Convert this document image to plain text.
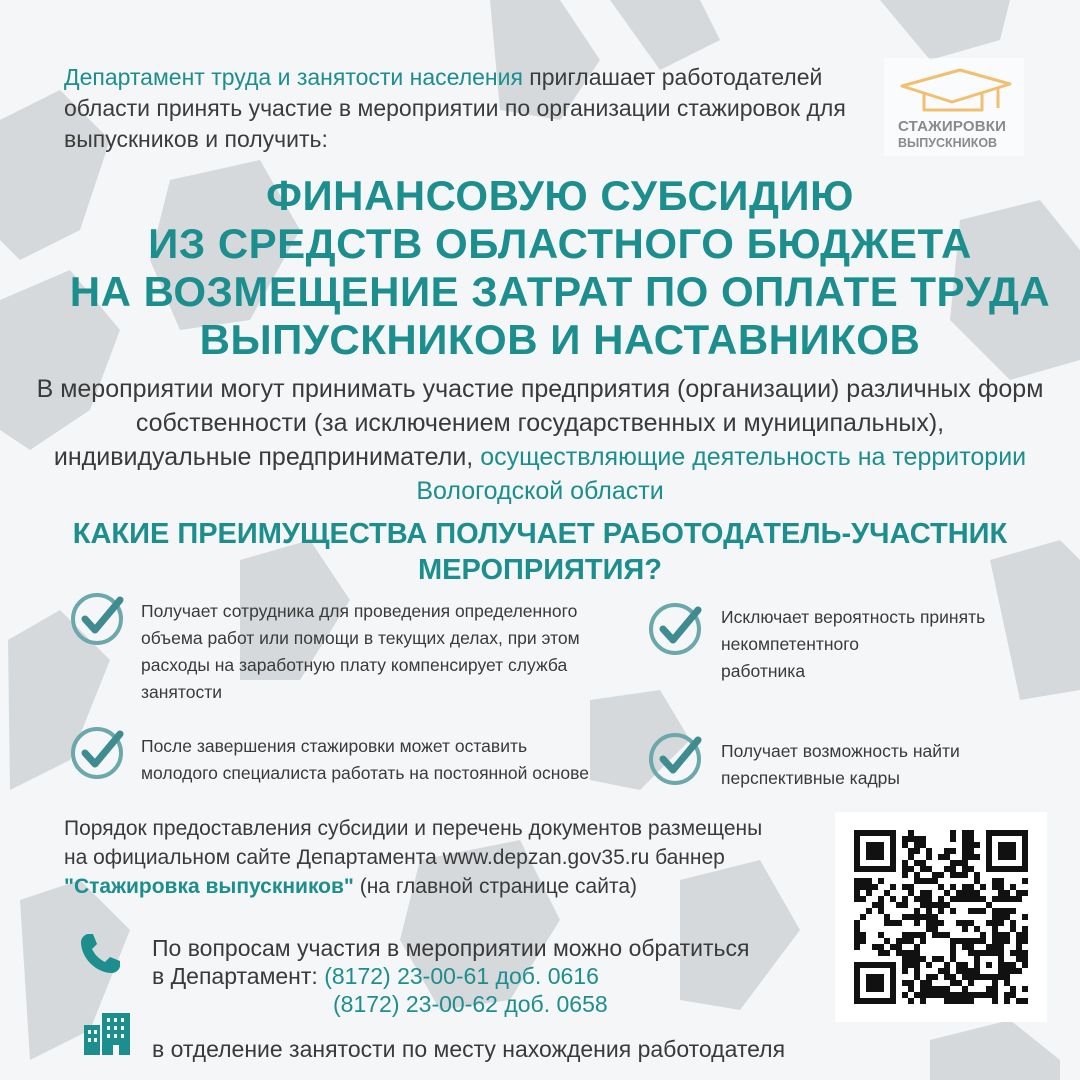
Департамент труда и занятости населения приглашает работодателей
области принять участие в мероприятии по организации стажировок для
выпускников и получить:	СТАЖИРОВКИ
ВЫПУСКНИКОВ
ФИНАНСОВУЮ СУБСИДИЮ
ИЗ СРЕДСТВ ОБЛАСТНОГО БЮДЖЕТА
НА ВОЗМЕЩЕНИЕ ЗАТРАТ ПО ОПЛАТЕ ТРУДА
ВЫПУСКНИКОВ И НАСТАВНИКОВ
В мероприятии могут принимать участие предприятия (организации) различных форм
собственности (за исключением государственных и муниципальных),
индивидуальные предприниматели, осуществляющие деятельность на территории
Вологодской области
КАКИЕ ПРЕИМУЩЕСТВА ПОЛУЧАЕТ РАБОТОДАТЕЛЬ-УЧАСТНИК
МЕРОПРИЯТИЯ?
Получает сотрудника для проведения определенного
объема работ или помощи в текущих делах, при этом
расходы на заработную плату компенсирует служба
занятости
Исключает вероятность принять
некомпетентного
работника
После завершения стажировки может оставить
молодого специалиста работать на постоянной основе
Получает возможность найти
перспективные кадры
Порядок предоставления субсидии и перечень документов размещены
на официальном сайте Департамента www.depzan.gov35.ru баннер
"Стажировка выпускников" (на главной странице сайта)
По вопросам участия в мероприятии можно обратиться
в Департамент: (8172) 23-00-61 доб. 0616
(8172) 23-00-62 доб. 0658
в отделение занятости по месту нахождения работодателя
